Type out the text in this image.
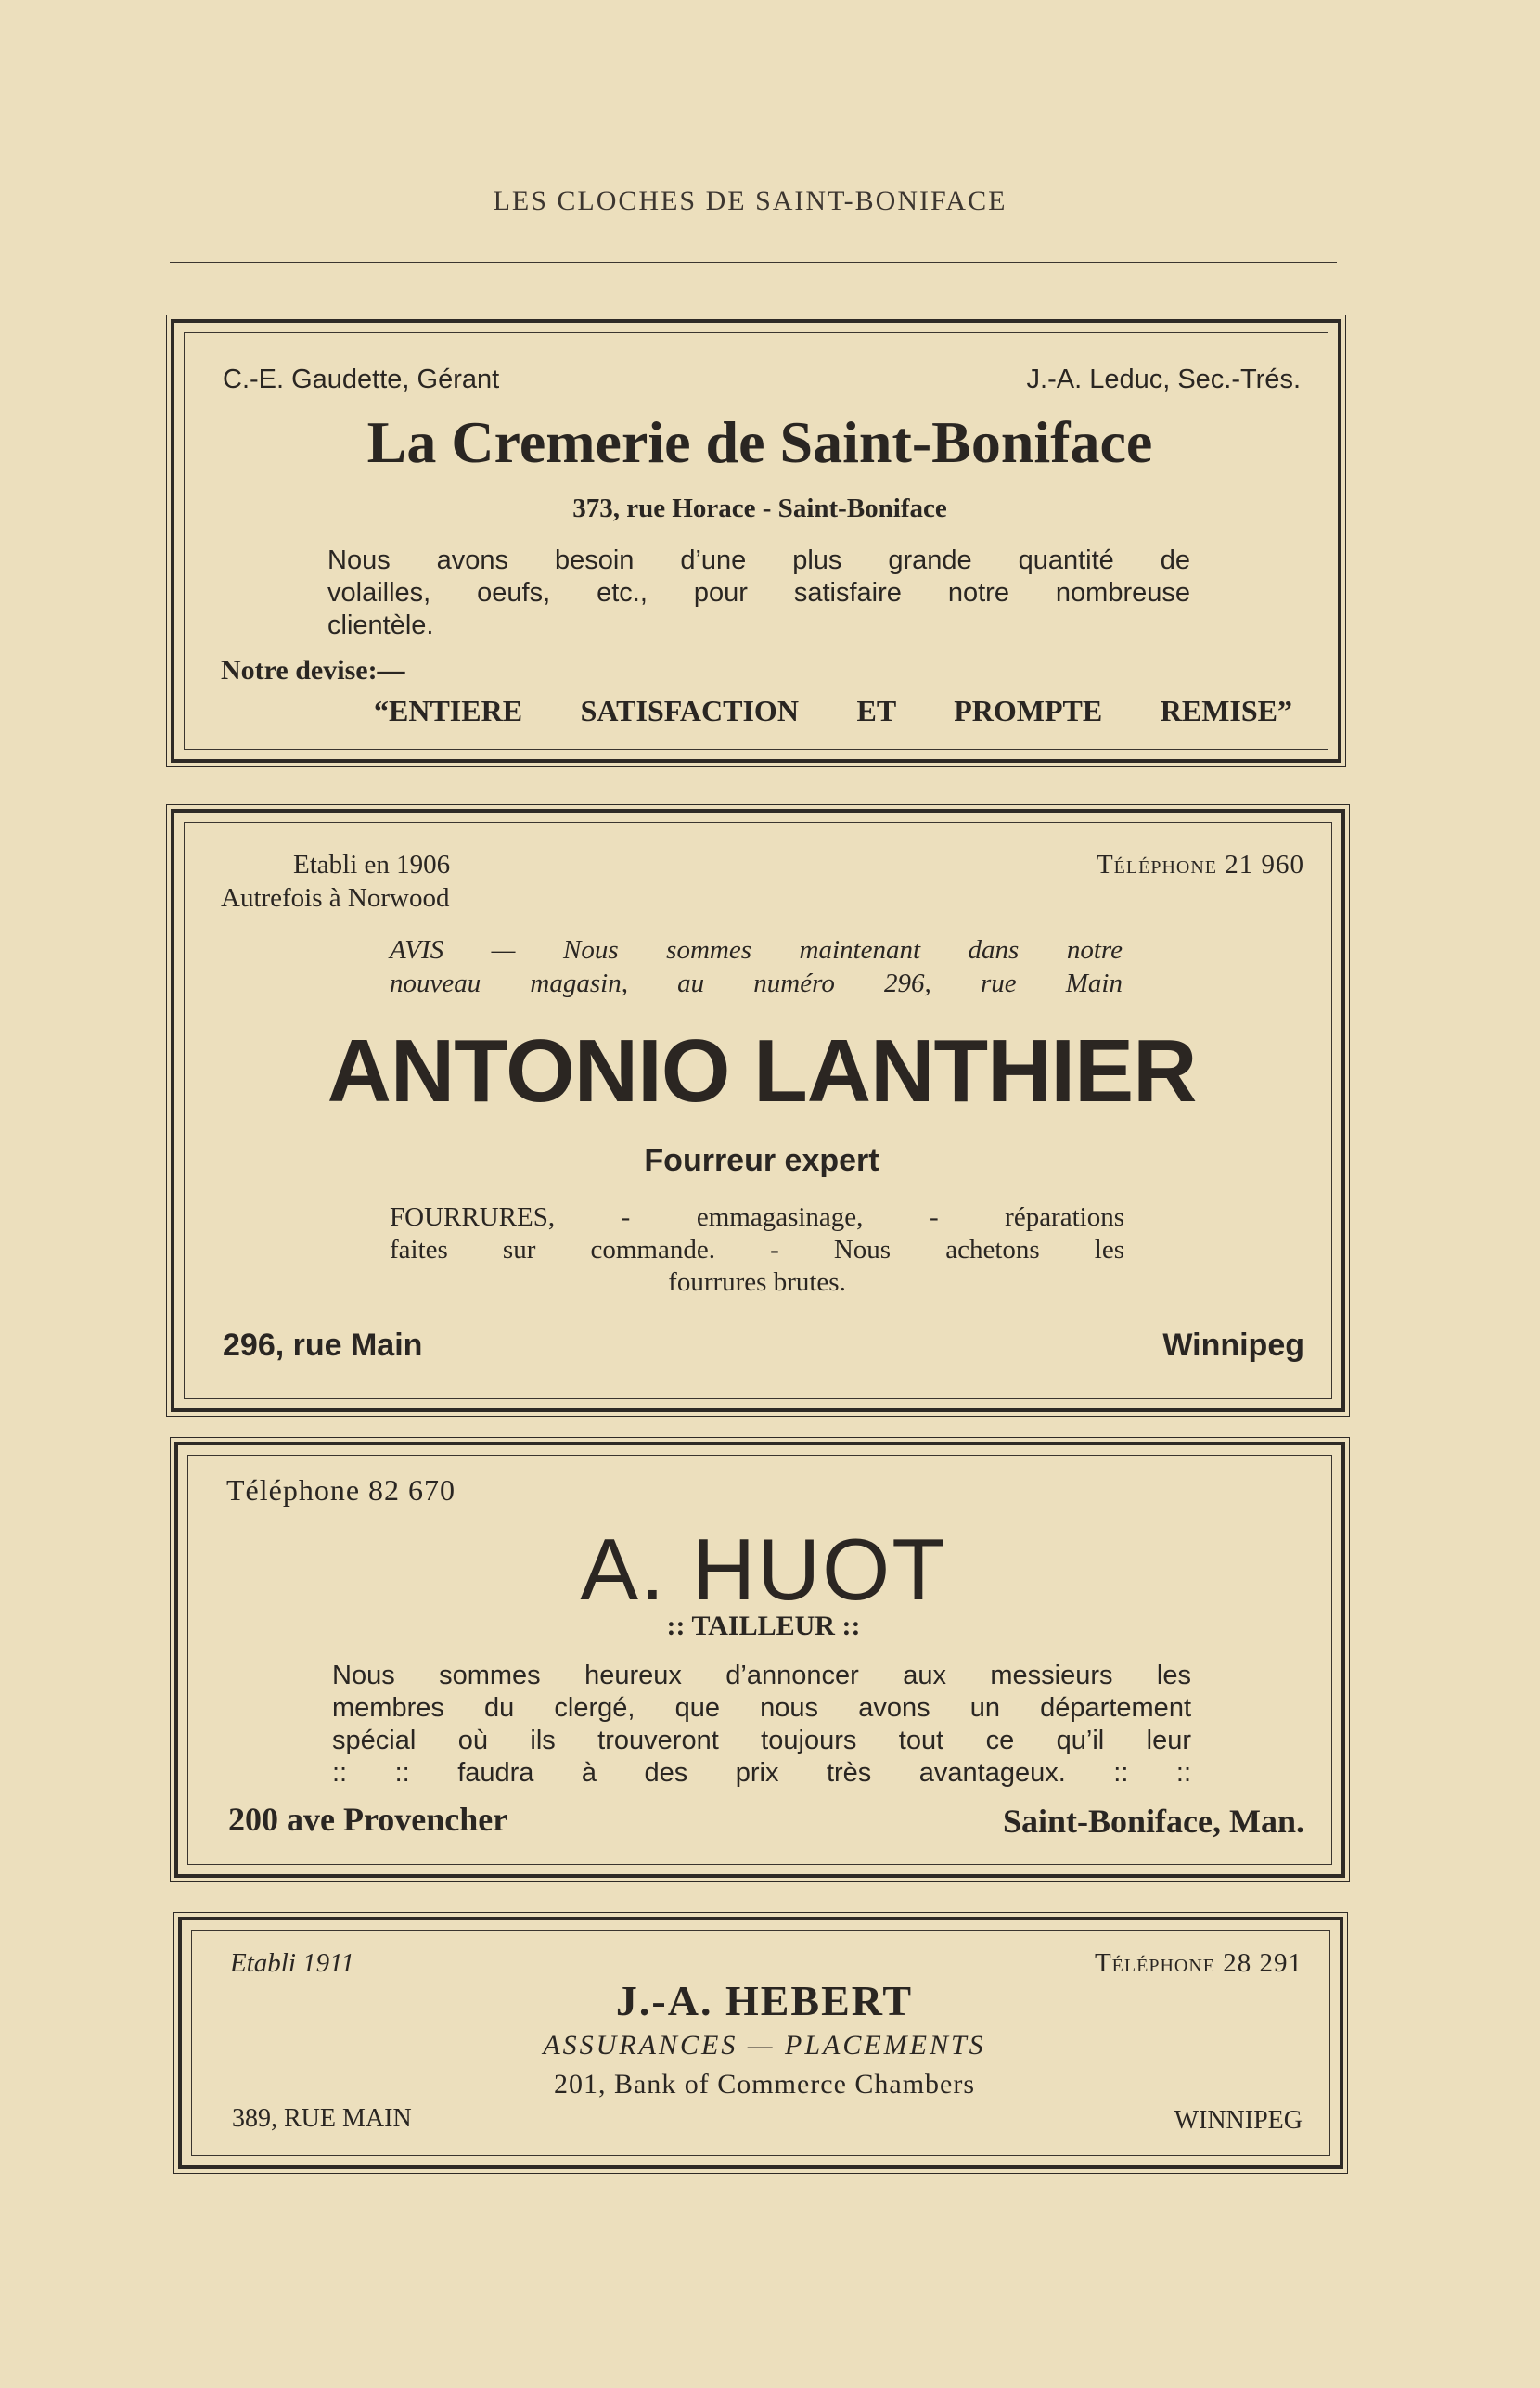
LES CLOCHES DE SAINT-BONIFACE
C.-E. Gaudette, Gérant	J.-A. Leduc, Sec.-Trés.
La Cremerie de Saint-Boniface
373, rue Horace - Saint-Boniface
Nous avons besoin d’une plus grande quantité de
volailles, oeufs, etc., pour satisfaire notre nombreuse
clientèle.
Notre devise:—
“ENTIERE SATISFACTION ET PROMPTE REMISE”
Etabli en 1906
Autrefois à Norwood
Téléphone 21 960
AVIS — Nous sommes maintenant dans notre
nouveau magasin, au numéro 296, rue Main
ANTONIO LANTHIER
Fourreur expert
FOURRURES, - emmagasinage, - réparations
faites sur commande. - Nous achetons les
fourrures brutes.
296, rue Main	Winnipeg
Téléphone 82 670
A. HUOT
:: TAILLEUR ::
Nous sommes heureux d’annoncer aux messieurs les
membres du clergé, que nous avons un département
spécial où ils trouveront toujours tout ce qu’il leur
:: :: faudra à des prix très avantageux. :: ::
200 ave Provencher	Saint-Boniface, Man.
Etabli 1911	Téléphone 28 291
J.-A. HEBERT
ASSURANCES — PLACEMENTS
201, Bank of Commerce Chambers
389, RUE MAIN	WINNIPEG
